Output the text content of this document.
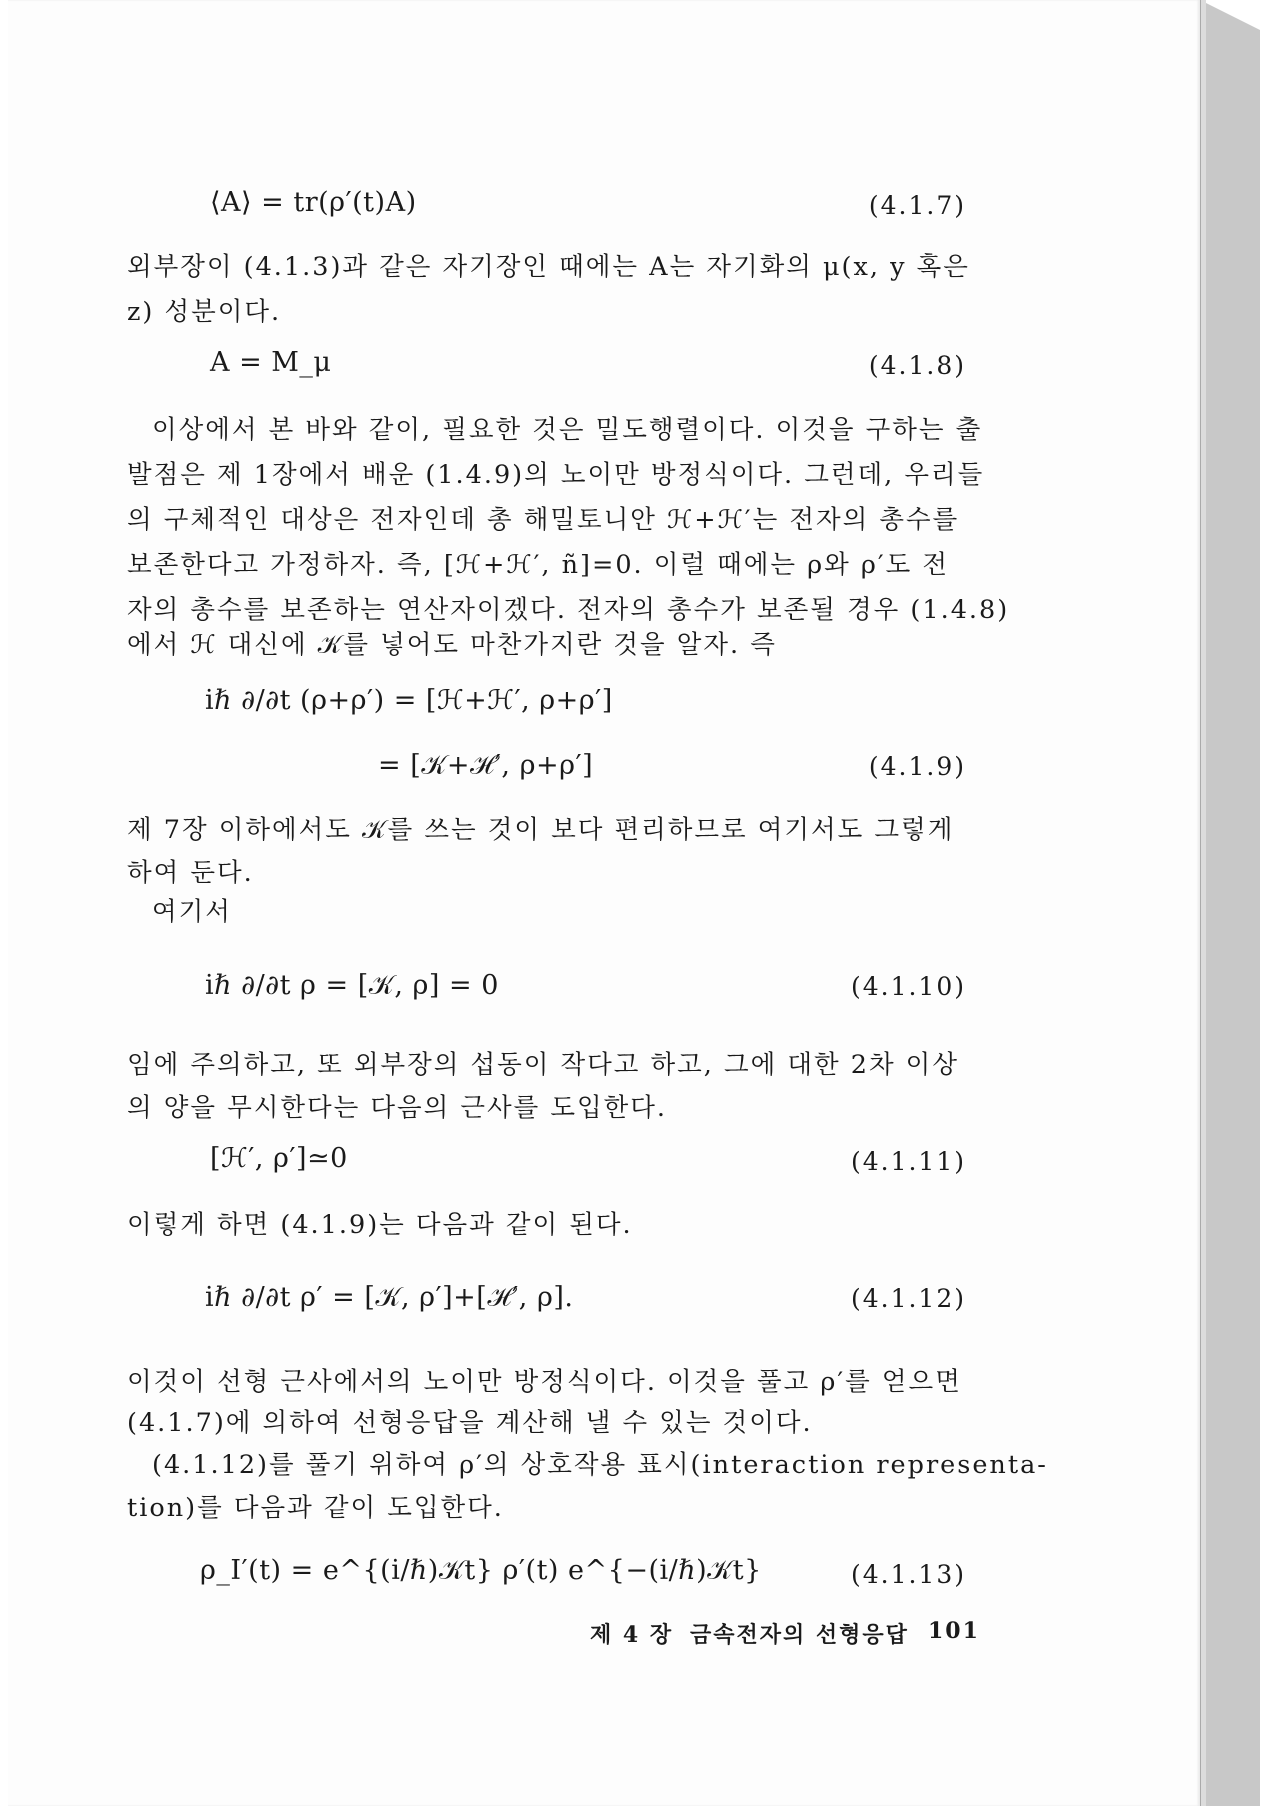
⟨A⟩ = tr(ρ′(t)A)	(4.1.7)
외부장이 (4.1.3)과 같은 자기장인 때에는 A는 자기화의 μ(x, y 혹은
z) 성분이다.
A = M_μ	(4.1.8)
이상에서 본 바와 같이, 필요한 것은 밀도행렬이다. 이것을 구하는 출
발점은 제 1장에서 배운 (1.4.9)의 노이만 방정식이다. 그런데, 우리들
의 구체적인 대상은 전자인데 총 해밀토니안 ℋ+ℋ′는 전자의 총수를
보존한다고 가정하자. 즉, [ℋ+ℋ′, ñ]=0. 이럴 때에는 ρ와 ρ′도 전
자의 총수를 보존하는 연산자이겠다. 전자의 총수가 보존될 경우 (1.4.8)
에서 ℋ 대신에 𝒦를 넣어도 마찬가지란 것을 알자. 즉
iℏ ∂/∂t (ρ+ρ′) = [ℋ+ℋ′, ρ+ρ′]
= [𝒦+ℋ′, ρ+ρ′]	(4.1.9)
제 7장 이하에서도 𝒦를 쓰는 것이 보다 편리하므로 여기서도 그렇게
하여 둔다.
여기서
iℏ ∂/∂t ρ = [𝒦, ρ] = 0	(4.1.10)
임에 주의하고, 또 외부장의 섭동이 작다고 하고, 그에 대한 2차 이상
의 양을 무시한다는 다음의 근사를 도입한다.
[ℋ′, ρ′]≃0	(4.1.11)
이렇게 하면 (4.1.9)는 다음과 같이 된다.
iℏ ∂/∂t ρ′ = [𝒦, ρ′]+[ℋ′, ρ].	(4.1.12)
이것이 선형 근사에서의 노이만 방정식이다. 이것을 풀고 ρ′를 얻으면
(4.1.7)에 의하여 선형응답을 계산해 낼 수 있는 것이다.
(4.1.12)를 풀기 위하여 ρ′의 상호작용 표시(interaction representa-
tion)를 다음과 같이 도입한다.
ρ_I′(t) = e^{(i/ℏ)𝒦t} ρ′(t) e^{−(i/ℏ)𝒦t}	(4.1.13)
제 4 장 금속전자의 선형응답 101
